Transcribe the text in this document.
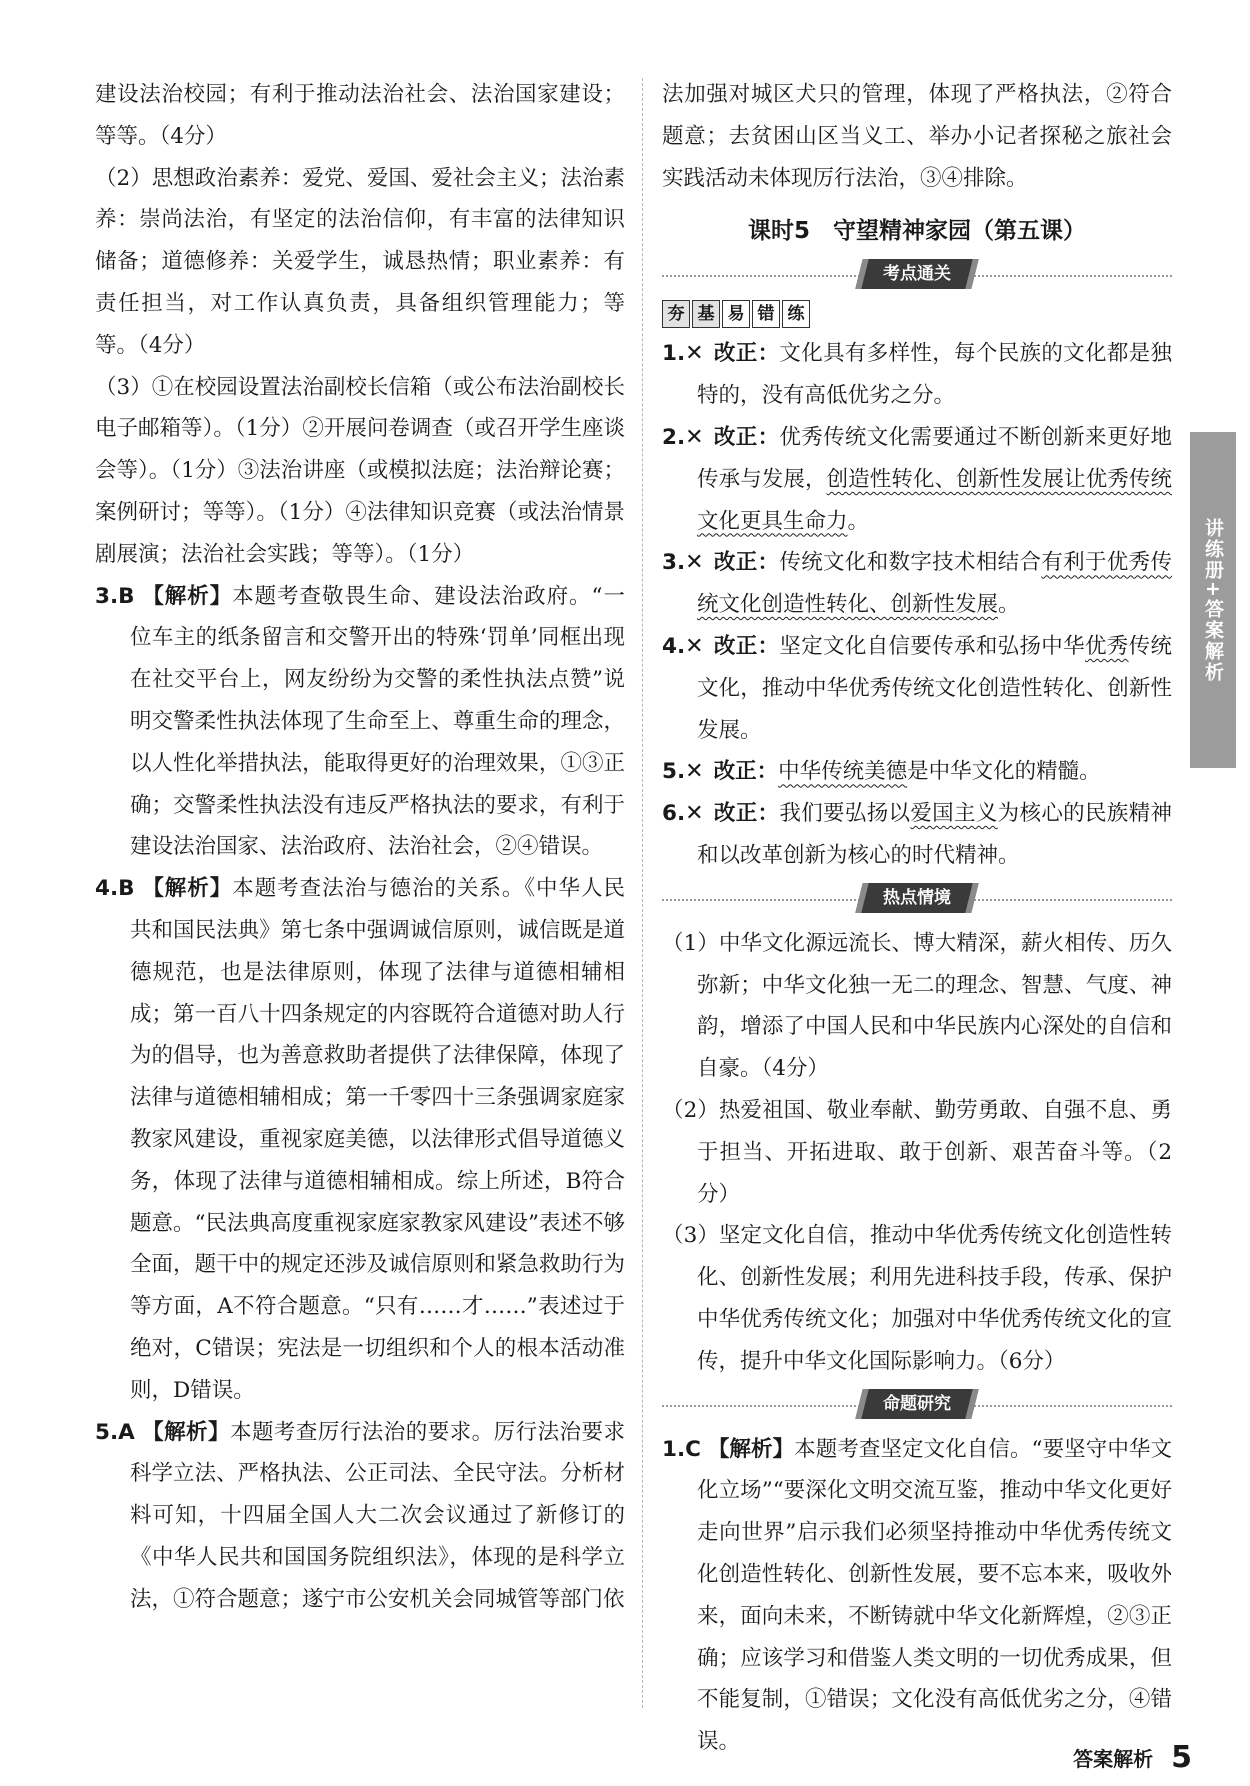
建设法治校园；有利于推动法治社会、法治国家建设；等等。（4分）

（2）思想政治素养：爱党、爱国、爱社会主义；法治素养：崇尚法治，有坚定的法治信仰，有丰富的法律知识储备；道德修养：关爱学生，诚恳热情；职业素养：有责任担当，对工作认真负责，具备组织管理能力；等等。（4分）

（3）①在校园设置法治副校长信箱（或公布法治副校长电子邮箱等）。（1分）②开展问卷调查（或召开学生座谈会等）。（1分）③法治讲座（或模拟法庭；法治辩论赛；案例研讨；等等）。（1分）④法律知识竞赛（或法治情景剧展演；法治社会实践；等等）。（1分）

3.B 【解析】本题考查敬畏生命、建设法治政府。“一位车主的纸条留言和交警开出的特殊‘罚单’同框出现在社交平台上，网友纷纷为交警的柔性执法点赞”说明交警柔性执法体现了生命至上、尊重生命的理念，以人性化举措执法，能取得更好的治理效果，①③正确；交警柔性执法没有违反严格执法的要求，有利于建设法治国家、法治政府、法治社会，②④错误。

4.B 【解析】本题考查法治与德治的关系。《中华人民共和国民法典》第七条中强调诚信原则，诚信既是道德规范，也是法律原则，体现了法律与道德相辅相成；第一百八十四条规定的内容既符合道德对助人行为的倡导，也为善意救助者提供了法律保障，体现了法律与道德相辅相成；第一千零四十三条强调家庭家教家风建设，重视家庭美德，以法律形式倡导道德义务，体现了法律与道德相辅相成。综上所述，B符合题意。“民法典高度重视家庭家教家风建设”表述不够全面，题干中的规定还涉及诚信原则和紧急救助行为等方面，A不符合题意。“只有……才……”表述过于绝对，C错误；宪法是一切组织和个人的根本活动准则，D错误。

5.A 【解析】本题考查厉行法治的要求。厉行法治要求科学立法、严格执法、公正司法、全民守法。分析材料可知，十四届全国人大二次会议通过了新修订的《中华人民共和国国务院组织法》，体现的是科学立法，①符合题意；遂宁市公安机关会同城管等部门依

法加强对城区犬只的管理，体现了严格执法，②符合题意；去贫困山区当义工、举办小记者探秘之旅社会实践活动未体现厉行法治，③④排除。

课时5　守望精神家园（第五课）
考点通关
夯 基 易 错 练

1.✕ 改正：文化具有多样性，每个民族的文化都是独特的，没有高低优劣之分。

2.✕ 改正：优秀传统文化需要通过不断创新来更好地传承与发展，创造性转化、创新性发展让优秀传统文化更具生命力。

3.✕ 改正：传统文化和数字技术相结合有利于优秀传统文化创造性转化、创新性发展。

4.✕ 改正：坚定文化自信要传承和弘扬中华优秀传统文化，推动中华优秀传统文化创造性转化、创新性发展。

5.✕ 改正：中华传统美德是中华文化的精髓。

6.✕ 改正：我们要弘扬以爱国主义为核心的民族精神和以改革创新为核心的时代精神。

热点情境

（1）中华文化源远流长、博大精深，薪火相传、历久弥新；中华文化独一无二的理念、智慧、气度、神韵，增添了中国人民和中华民族内心深处的自信和自豪。（4分）

（2）热爱祖国、敬业奉献、勤劳勇敢、自强不息、勇于担当、开拓进取、敢于创新、艰苦奋斗等。（2分）

（3）坚定文化自信，推动中华优秀传统文化创造性转化、创新性发展；利用先进科技手段，传承、保护中华优秀传统文化；加强对中华优秀传统文化的宣传，提升中华文化国际影响力。（6分）

命题研究

1.C 【解析】本题考查坚定文化自信。“要坚守中华文化立场”“要深化文明交流互鉴，推动中华文化更好走向世界”启示我们必须坚持推动中华优秀传统文化创造性转化、创新性发展，要不忘本来，吸收外来，面向未来，不断铸就中华文化新辉煌，②③正确；应该学习和借鉴人类文明的一切优秀成果，但不能复制，①错误；文化没有高低优劣之分，④错误。

讲练册+答案解析
答案解析 5
